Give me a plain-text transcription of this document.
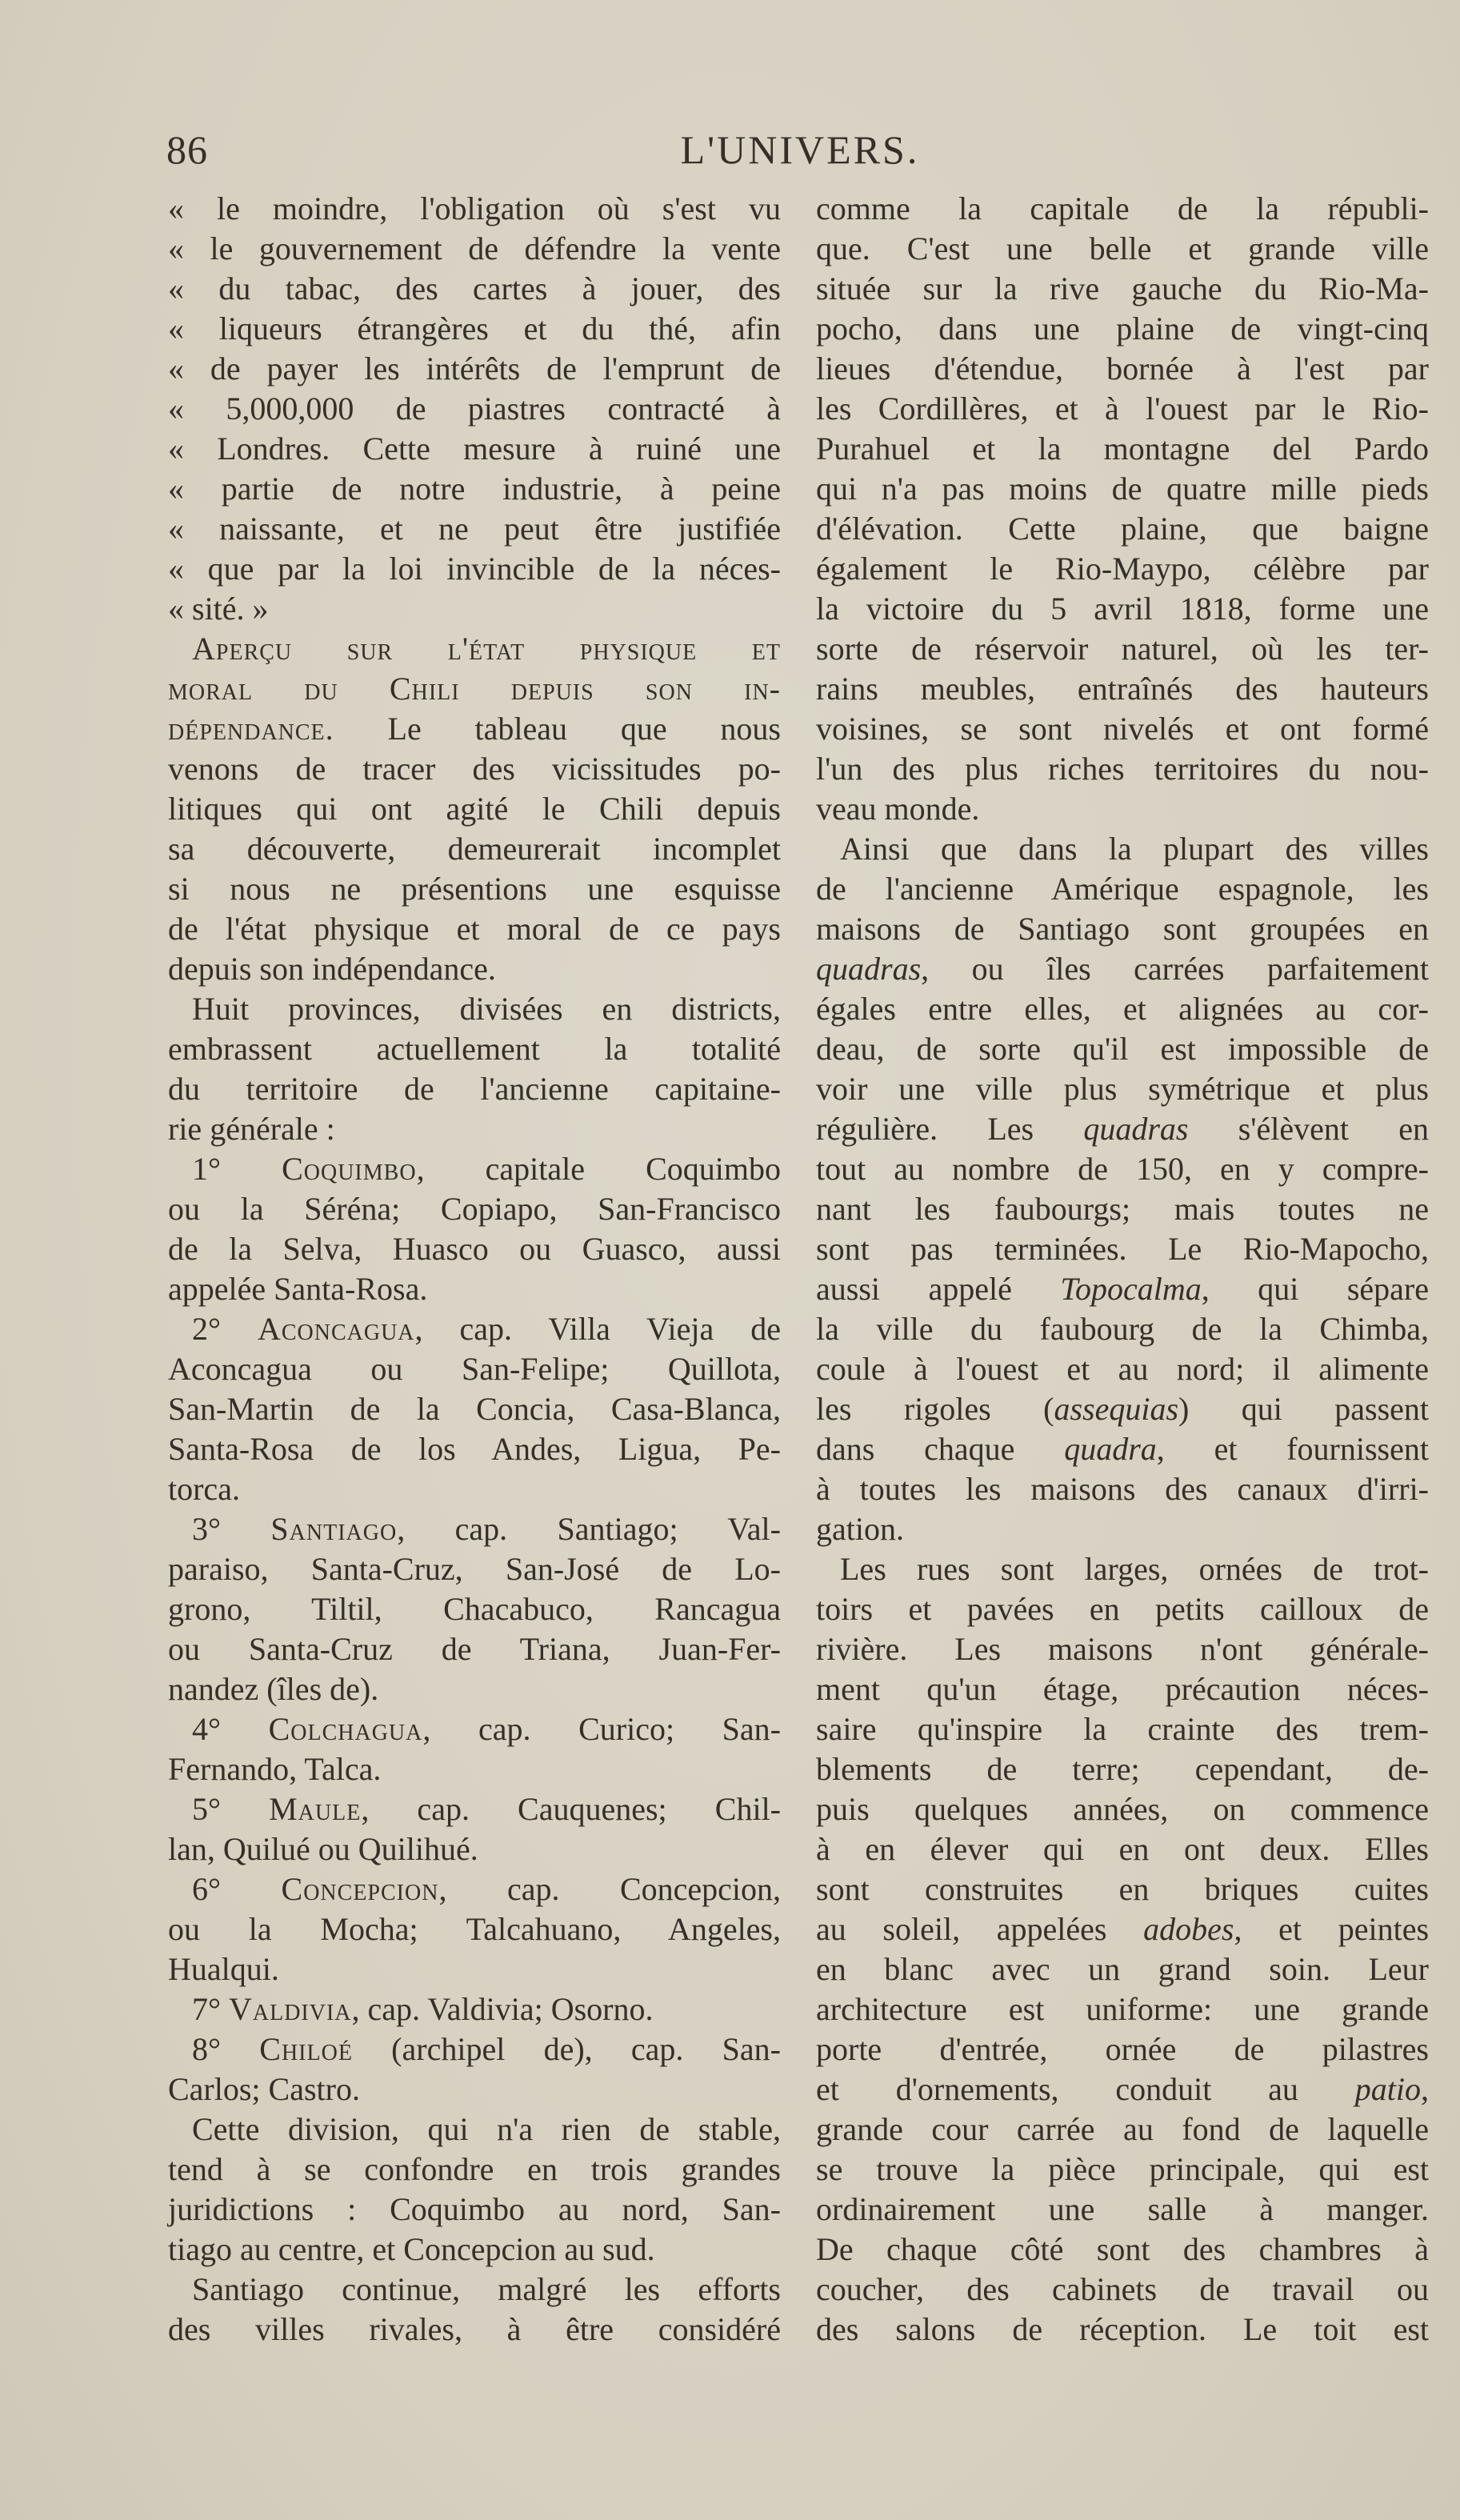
86	L'UNIVERS.
« le moindre, l'obligation où s'est vu
« le gouvernement de défendre la vente
« du tabac, des cartes à jouer, des
« liqueurs étrangères et du thé, afin
« de payer les intérêts de l'emprunt de
« 5,000,000 de piastres contracté à
« Londres. Cette mesure à ruiné une
« partie de notre industrie, à peine
« naissante, et ne peut être justifiée
« que par la loi invincible de la néces-
« sité. »
Aperçu sur l'état physique et
moral du Chili depuis son in-
dépendance. Le tableau que nous
venons de tracer des vicissitudes po-
litiques qui ont agité le Chili depuis
sa découverte, demeurerait incomplet
si nous ne présentions une esquisse
de l'état physique et moral de ce pays
depuis son indépendance.
Huit provinces, divisées en districts,
embrassent actuellement la totalité
du territoire de l'ancienne capitaine-
rie générale :
1° Coquimbo, capitale Coquimbo
ou la Séréna; Copiapo, San-Francisco
de la Selva, Huasco ou Guasco, aussi
appelée Santa-Rosa.
2° Aconcagua, cap. Villa Vieja de
Aconcagua ou San-Felipe; Quillota,
San-Martin de la Concia, Casa-Blanca,
Santa-Rosa de los Andes, Ligua, Pe-
torca.
3° Santiago, cap. Santiago; Val-
paraiso, Santa-Cruz, San-José de Lo-
grono, Tiltil, Chacabuco, Rancagua
ou Santa-Cruz de Triana, Juan-Fer-
nandez (îles de).
4° Colchagua, cap. Curico; San-
Fernando, Talca.
5° Maule, cap. Cauquenes; Chil-
lan, Quilué ou Quilihué.
6° Concepcion, cap. Concepcion,
ou la Mocha; Talcahuano, Angeles,
Hualqui.
7° Valdivia, cap. Valdivia; Osorno.
8° Chiloé (archipel de), cap. San-
Carlos; Castro.
Cette division, qui n'a rien de stable,
tend à se confondre en trois grandes
juridictions : Coquimbo au nord, San-
tiago au centre, et Concepcion au sud.
Santiago continue, malgré les efforts
des villes rivales, à être considéré
comme la capitale de la républi-
que. C'est une belle et grande ville
située sur la rive gauche du Rio-Ma-
pocho, dans une plaine de vingt-cinq
lieues d'étendue, bornée à l'est par
les Cordillères, et à l'ouest par le Rio-
Purahuel et la montagne del Pardo
qui n'a pas moins de quatre mille pieds
d'élévation. Cette plaine, que baigne
également le Rio-Maypo, célèbre par
la victoire du 5 avril 1818, forme une
sorte de réservoir naturel, où les ter-
rains meubles, entraînés des hauteurs
voisines, se sont nivelés et ont formé
l'un des plus riches territoires du nou-
veau monde.
Ainsi que dans la plupart des villes
de l'ancienne Amérique espagnole, les
maisons de Santiago sont groupées en
quadras, ou îles carrées parfaitement
égales entre elles, et alignées au cor-
deau, de sorte qu'il est impossible de
voir une ville plus symétrique et plus
régulière. Les quadras s'élèvent en
tout au nombre de 150, en y compre-
nant les faubourgs; mais toutes ne
sont pas terminées. Le Rio-Mapocho,
aussi appelé Topocalma, qui sépare
la ville du faubourg de la Chimba,
coule à l'ouest et au nord; il alimente
les rigoles (assequias) qui passent
dans chaque quadra, et fournissent
à toutes les maisons des canaux d'irri-
gation.
Les rues sont larges, ornées de trot-
toirs et pavées en petits cailloux de
rivière. Les maisons n'ont générale-
ment qu'un étage, précaution néces-
saire qu'inspire la crainte des trem-
blements de terre; cependant, de-
puis quelques années, on commence
à en élever qui en ont deux. Elles
sont construites en briques cuites
au soleil, appelées adobes, et peintes
en blanc avec un grand soin. Leur
architecture est uniforme: une grande
porte d'entrée, ornée de pilastres
et d'ornements, conduit au patio,
grande cour carrée au fond de laquelle
se trouve la pièce principale, qui est
ordinairement une salle à manger.
De chaque côté sont des chambres à
coucher, des cabinets de travail ou
des salons de réception. Le toit est
